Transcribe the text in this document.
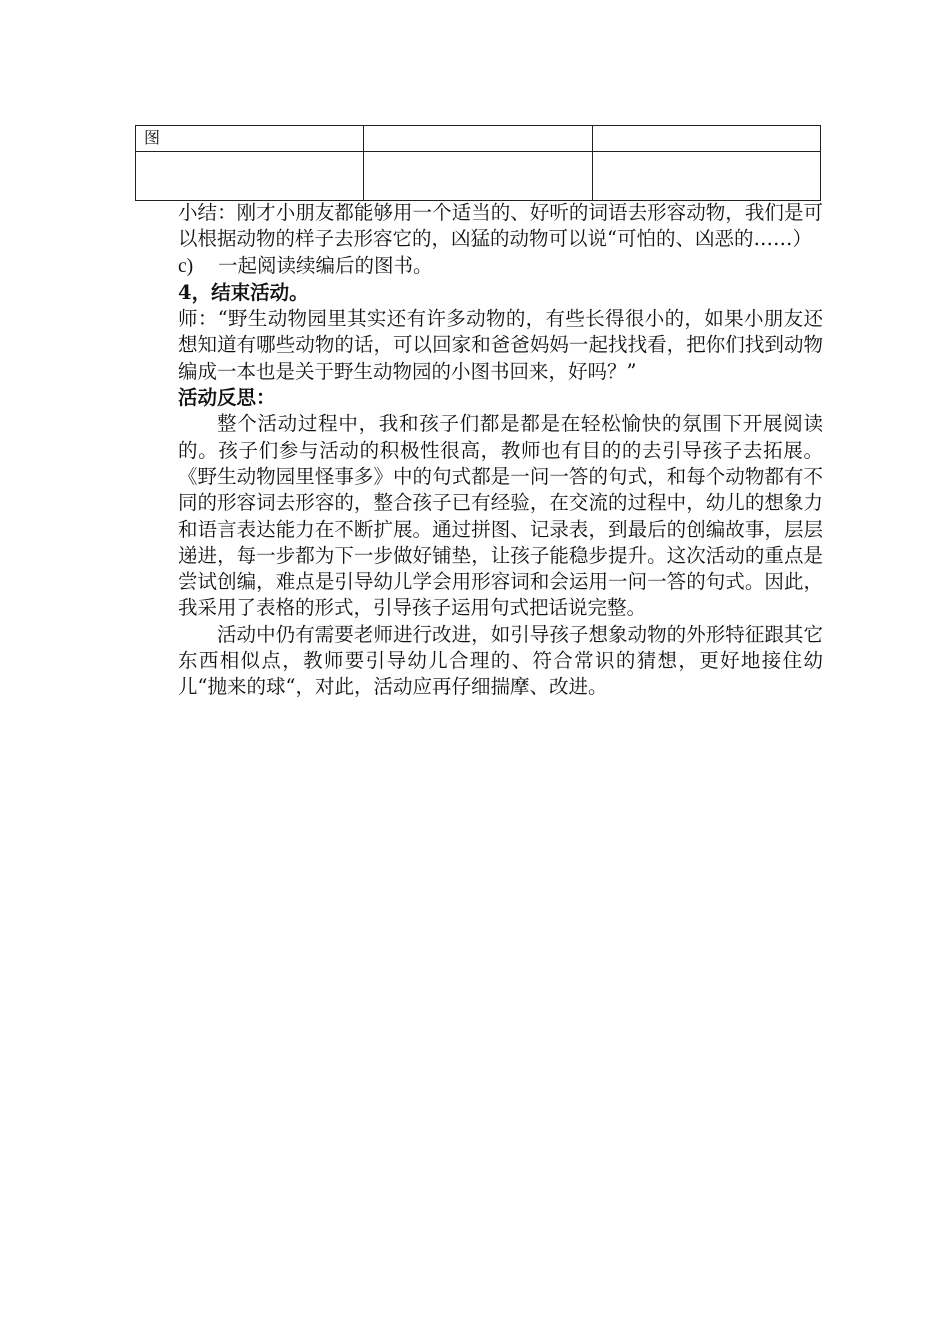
图		

小结：刚才小朋友都能够用一个适当的、好听的词语去形容动物，我们是可以根据动物的样子去形容它的，凶猛的动物可以说“可怕的、凶恶的……）

c) 一起阅读续编后的图书。

4，结束活动。

师：“野生动物园里其实还有许多动物的，有些长得很小的，如果小朋友还想知道有哪些动物的话，可以回家和爸爸妈妈一起找找看，把你们找到动物编成一本也是关于野生动物园的小图书回来，好吗？”

活动反思：

整个活动过程中，我和孩子们都是都是在轻松愉快的氛围下开展阅读的。孩子们参与活动的积极性很高，教师也有目的的去引导孩子去拓展。《野生动物园里怪事多》中的句式都是一问一答的句式，和每个动物都有不同的形容词去形容的，整合孩子已有经验，在交流的过程中，幼儿的想象力和语言表达能力在不断扩展。通过拼图、记录表，到最后的创编故事，层层递进，每一步都为下一步做好铺垫，让孩子能稳步提升。这次活动的重点是尝试创编，难点是引导幼儿学会用形容词和会运用一问一答的句式。因此，我采用了表格的形式，引导孩子运用句式把话说完整。

活动中仍有需要老师进行改进，如引导孩子想象动物的外形特征跟其它东西相似点，教师要引导幼儿合理的、符合常识的猜想，更好地接住幼儿“抛来的球“，对此，活动应再仔细揣摩、改进。
